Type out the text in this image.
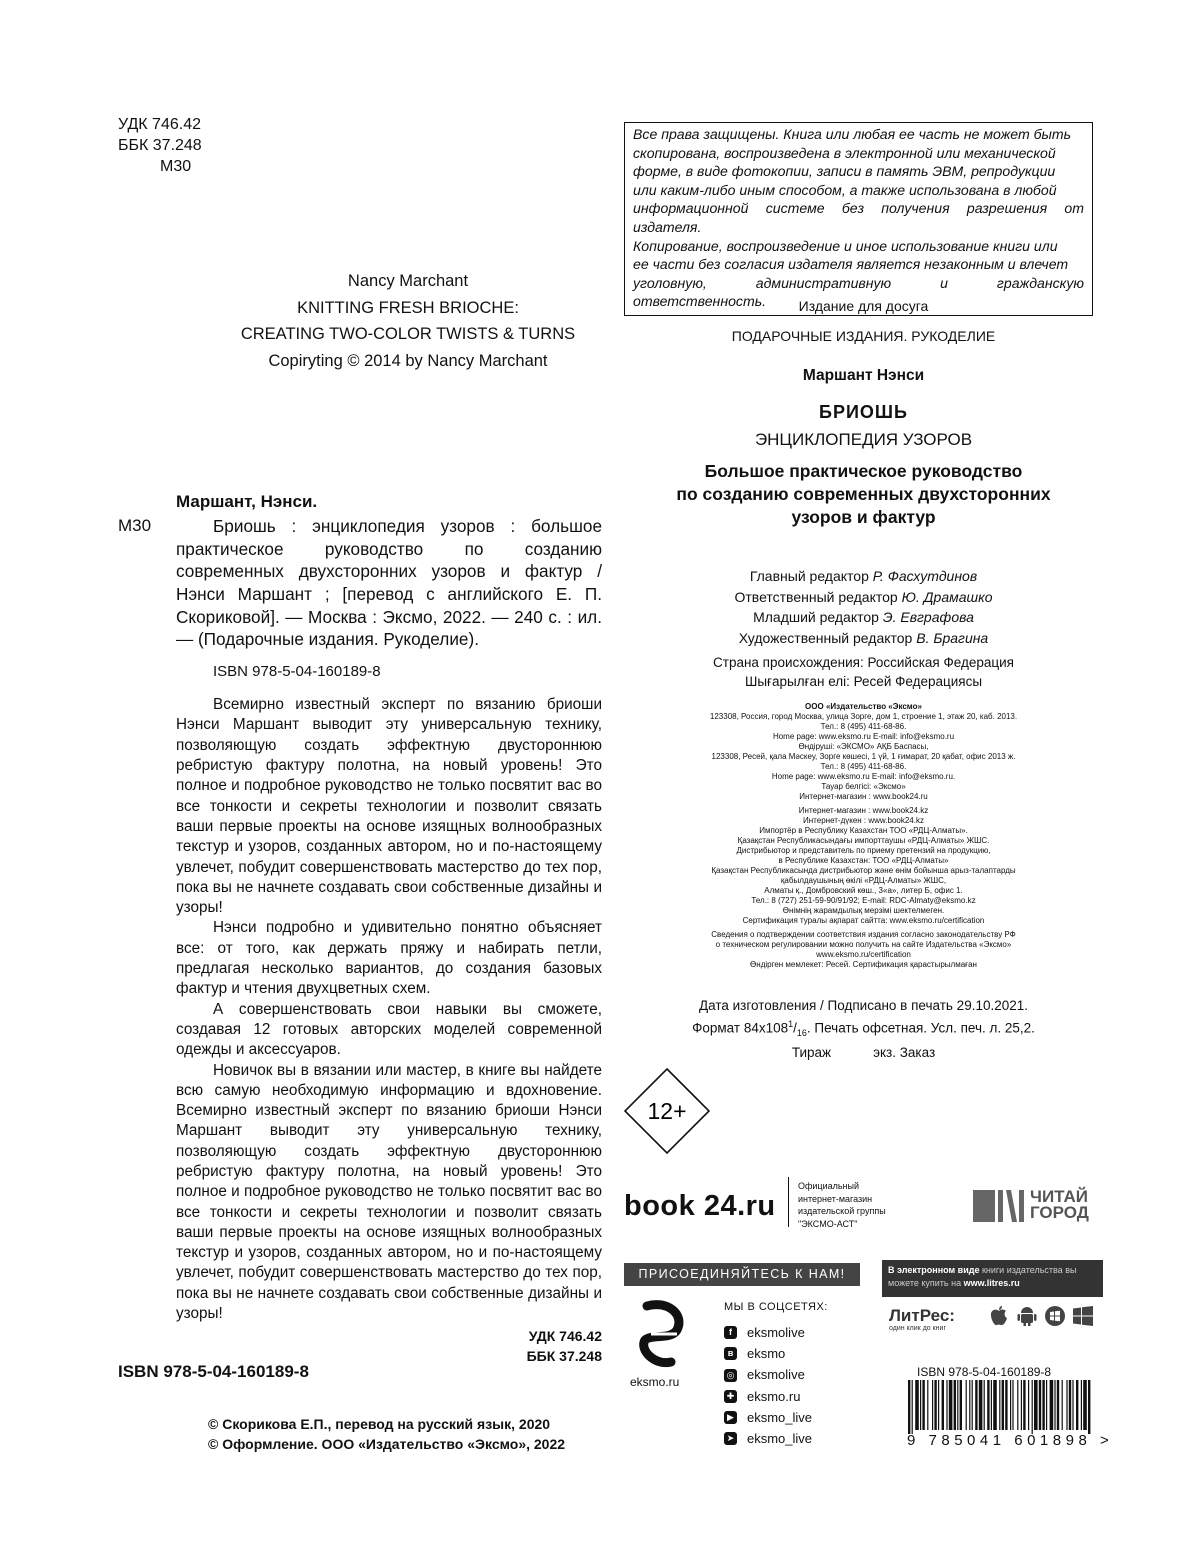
УДК 746.42
ББК 37.248
М30
Nancy Marchant
KNITTING FRESH BRIOCHE:
CREATING TWO-COLOR TWISTS & TURNS
Copiryting © 2014 by Nancy Marchant
Маршант, Нэнси.
М30	Бриошь : энциклопедия узоров : большое практическое руководство по созданию современных двухсторонних узоров и фактур / Нэнси Маршант ; [перевод с английского Е. П. Скориковой]. — Москва : Эксмо, 2022. — 240 с. : ил. — (Подарочные издания. Рукоделие).
ISBN 978-5-04-160189-8

Всемирно известный эксперт по вязанию бриоши Нэнси Маршант выводит эту универсальную технику, позволяющую создать эффектную двустороннюю ребристую фактуру полотна, на новый уровень! Это полное и подробное руководство не только посвятит вас во все тонкости и секреты технологии и позволит связать ваши первые проекты на основе изящных волнообразных текстур и узоров, созданных автором, но и по-настоящему увлечет, побудит совершенствовать мастерство до тех пор, пока вы не начнете создавать свои собственные дизайны и узоры!

Нэнси подробно и удивительно понятно объясняет все: от того, как держать пряжу и набирать петли, предлагая несколько вариантов, до создания базовых фактур и чтения двухцветных схем.

А совершенствовать свои навыки вы сможете, создавая 12 готовых авторских моделей современной одежды и аксессуаров.

Новичок вы в вязании или мастер, в книге вы найдете всю самую необходимую информацию и вдохновение. Всемирно известный эксперт по вязанию бриоши Нэнси Маршант выводит эту универсальную технику, позволяющую создать эффектную двустороннюю ребристую фактуру полотна, на новый уровень! Это полное и подробное руководство не только посвятит вас во все тонкости и секреты технологии и позволит связать ваши первые проекты на основе изящных волнообразных текстур и узоров, созданных автором, но и по-настоящему увлечет, побудит совершенствовать мастерство до тех пор, пока вы не начнете создавать свои собственные дизайны и узоры!

УДК 746.42
ББК 37.248
ISBN 978-5-04-160189-8
© Скорикова Е.П., перевод на русский язык, 2020
© Оформление. ООО «Издательство «Эксмо», 2022
Все права защищены. Книга или любая ее часть не может быть
скопирована, воспроизведена в электронной или механической
форме, в виде фотокопии, записи в память ЭВМ, репродукции
или каким-либо иным способом, а также использована в любой
информационной системе без получения разрешения от издателя.
Копирование, воспроизведение и иное использование книги или
ее части без согласия издателя является незаконным и влечет
уголовную, административную и гражданскую ответственность.	Издание для досуга
ПОДАРОЧНЫЕ ИЗДАНИЯ. РУКОДЕЛИЕ
Маршант Нэнси
БРИОШЬ
ЭНЦИКЛОПЕДИЯ УЗОРОВ
Большое практическое руководство
по созданию современных двухсторонних
узоров и фактур
Главный редактор Р. Фасхутдинов
Ответственный редактор Ю. Драмашко
Младший редактор Э. Евграфова
Художественный редактор В. Брагина
Страна происхождения: Российская Федерация
Шығарылған елі: Ресей Федерациясы
ООО «Издательство «Эксмо»
123308, Россия, город Москва, улица Зорге, дом 1, строение 1, этаж 20, каб. 2013.
Тел.: 8 (495) 411-68-86.
Home page: www.eksmo.ru E-mail: info@eksmo.ru
Өндіруші: «ЭКСМО» АҚБ Баспасы,
123308, Ресей, қала Мәскеу, Зорге көшесі, 1 үй, 1 ғимарат, 20 қабат, офис 2013 ж.
Тел.: 8 (495) 411-68-86.
Home page: www.eksmo.ru E-mail: info@eksmo.ru.
Тауар белгісі: «Эксмо»
Интернет-магазин : www.book24.ru
Интернет-магазин : www.book24.kz
Интернет-дүкен : www.book24.kz
Импортёр в Республику Казахстан ТОО «РДЦ-Алматы».
Қазақстан Республикасындағы импорттаушы «РДЦ-Алматы» ЖШС.
Дистрибьютор и представитель по приему претензий на продукцию,
в Республике Казахстан: ТОО «РДЦ-Алматы»
Қазақстан Республикасында дистрибьютор және өнім бойынша арыз-талаптарды
қабылдаушының өкілі «РДЦ-Алматы» ЖШС,
Алматы қ., Домбровский көш., 3«а», литер Б, офис 1.
Тел.: 8 (727) 251-59-90/91/92; E-mail: RDC-Almaty@eksmo.kz
Өнімнің жарамдылық мерзімі шектелмеген.
Сертификация туралы ақпарат сайтта: www.eksmo.ru/certification
Сведения о подтверждении соответствия издания согласно законодательству РФ
о техническом регулировании можно получить на сайте Издательства «Эксмо»
www.eksmo.ru/certification
Өндірген мемлекет: Ресей. Сертификация қарастырылмаған
Дата изготовления / Подписано в печать 29.10.2021.
Формат $84x108^1/_{16}$. Печать офсетная. Усл. печ. л. 25,2.
Тираж	экз. Заказ
12+
book 24.ru
Официальный
интернет-магазин
издательской группы
"ЭКСМО-АСТ"
ЧИТАЙ
ГОРОД
ПРИСОЕДИНЯЙТЕСЬ К НАМ!	В электронном виде книги издательства вы можете купить на www.litres.ru
eksmo.ru
МЫ В СОЦСЕТЯХ:
f	eksmolive
в eksmo
◎ eksmolive
✚ eksmo.ru
▶ eksmo_live
➤ eksmo_live
ЛитРес:
один клик до книг
ISBN 978-5-04-160189-8
9 785041 601898 >
